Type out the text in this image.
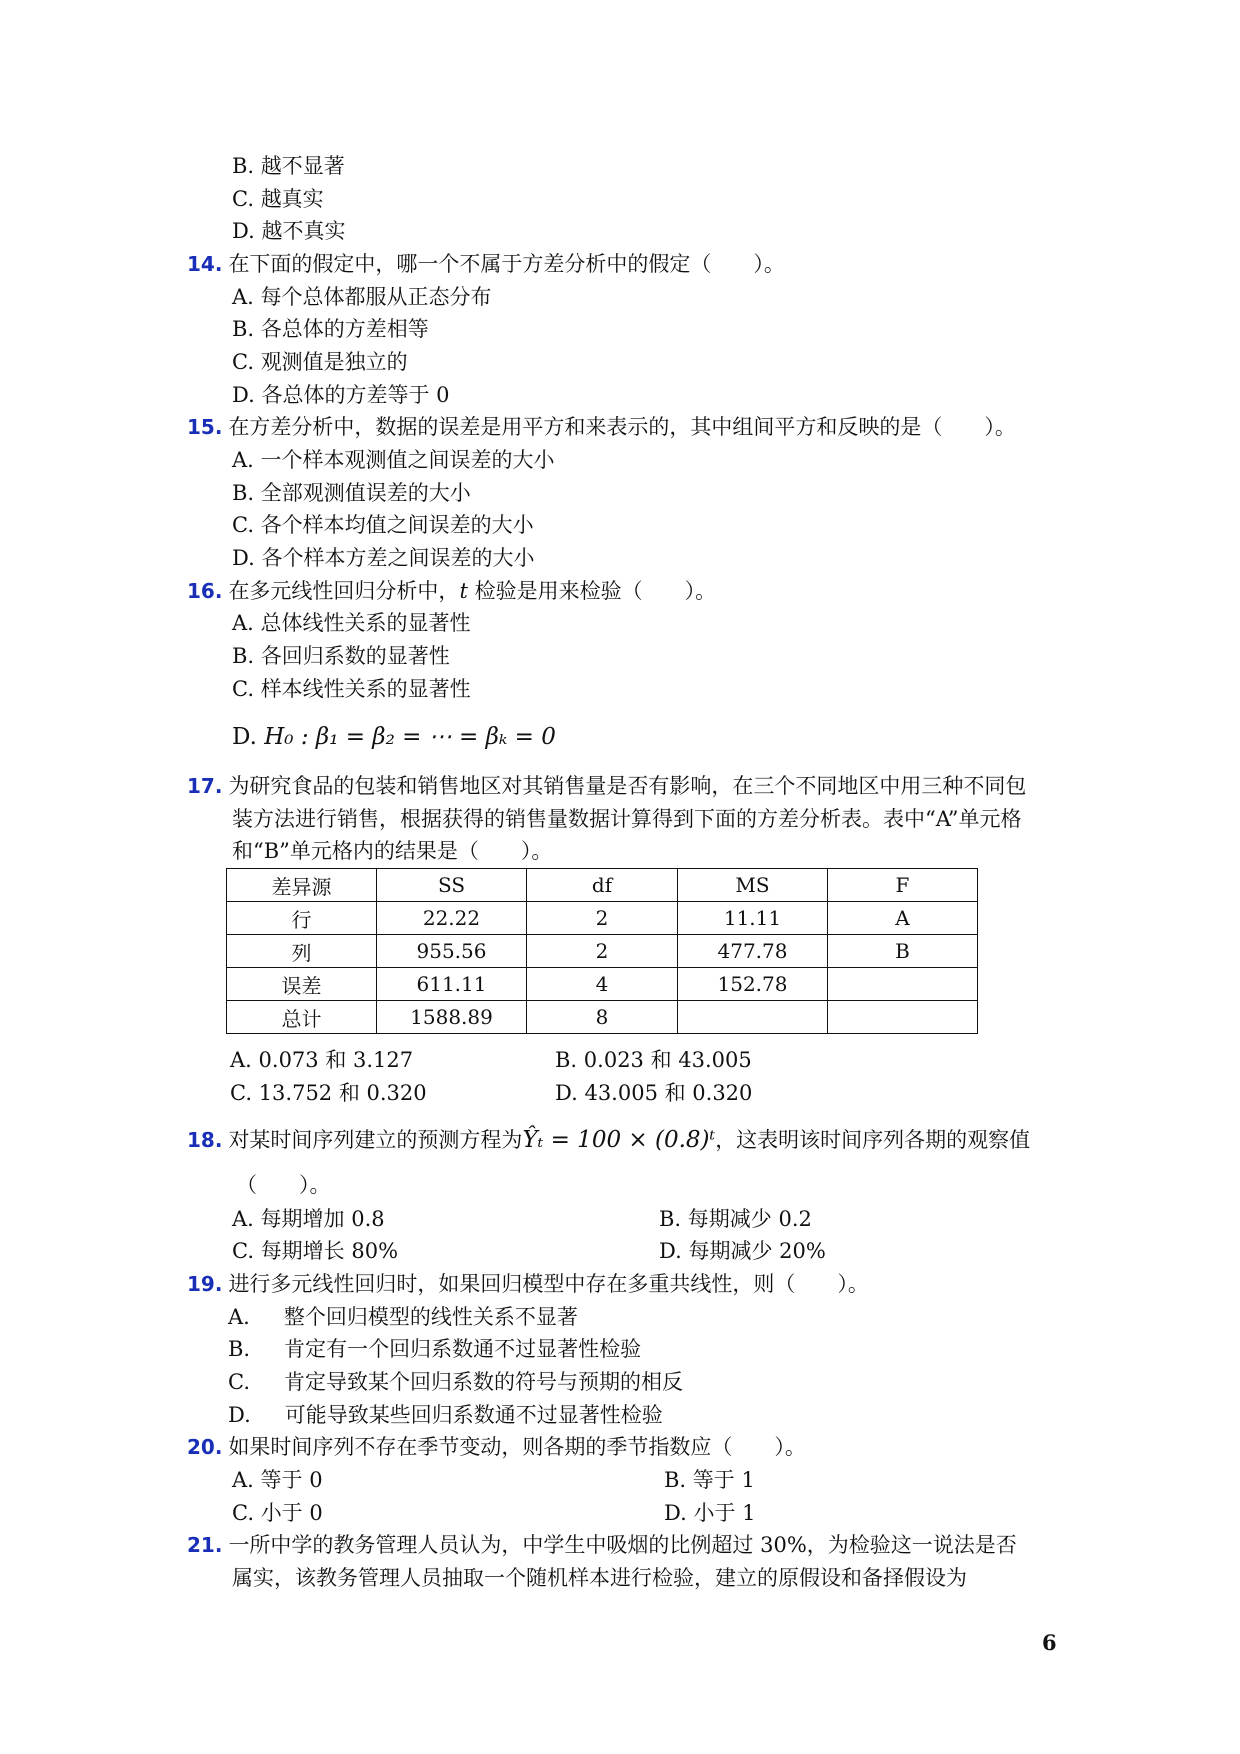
B. 越不显著
C. 越真实
D. 越不真实
14. 在下面的假定中，哪一个不属于方差分析中的假定（　　）。
A. 每个总体都服从正态分布
B. 各总体的方差相等
C. 观测值是独立的
D. 各总体的方差等于 0
15. 在方差分析中，数据的误差是用平方和来表示的，其中组间平方和反映的是（　　）。
A. 一个样本观测值之间误差的大小
B. 全部观测值误差的大小
C. 各个样本均值之间误差的大小
D. 各个样本方差之间误差的大小
16. 在多元线性回归分析中，t 检验是用来检验（　　）。
A. 总体线性关系的显著性
B. 各回归系数的显著性
C. 样本线性关系的显著性
D. H₀ : β₁ = β₂ = ⋯ = βₖ = 0
17. 为研究食品的包装和销售地区对其销售量是否有影响，在三个不同地区中用三种不同包
装方法进行销售，根据获得的销售量数据计算得到下面的方差分析表。表中“A”单元格
和“B”单元格内的结果是（　　）。
差异源	SS	df	MS	F
行	22.22	2	11.11	A
列	955.56	2	477.78	B
误差	611.11	4	152.78	
总计	1588.89	8		
A. 0.073 和 3.127	B. 0.023 和 43.005
C. 13.752 和 0.320	D. 43.005 和 0.320
18. 对某时间序列建立的预测方程为Ŷₜ = 100 × (0.8)ᵗ，这表明该时间序列各期的观察值
（　　）。
A. 每期增加 0.8	B. 每期减少 0.2
C. 每期增长 80%	D. 每期减少 20%
19. 进行多元线性回归时，如果回归模型中存在多重共线性，则（　　）。
A. 整个回归模型的线性关系不显著
B. 肯定有一个回归系数通不过显著性检验
C. 肯定导致某个回归系数的符号与预期的相反
D. 可能导致某些回归系数通不过显著性检验
20. 如果时间序列不存在季节变动，则各期的季节指数应（　　）。
A. 等于 0	B. 等于 1
C. 小于 0	D. 小于 1
21. 一所中学的教务管理人员认为，中学生中吸烟的比例超过 30%，为检验这一说法是否
属实，该教务管理人员抽取一个随机样本进行检验，建立的原假设和备择假设为
6
